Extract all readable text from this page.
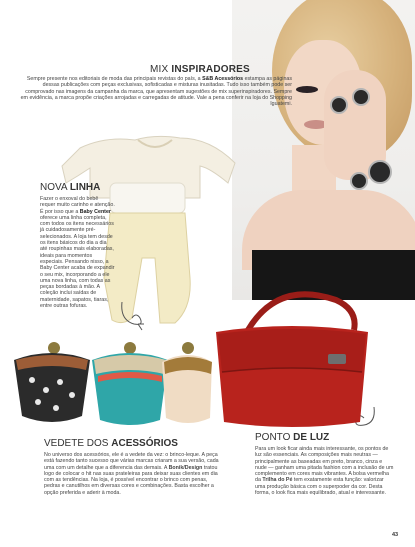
MIX INSPIRADORES
Sempre presente nos editoriais de moda das principais revistas do país, a S&B Acessórios estampa as páginas dessas publicações com peças exclusivas, sofisticadas e misturas inusitadas. Tudo isso também pode ser comprovado nas imagens da campanha da marca, que apresentam sugestões de mix superinspiradores. Sempre em evidência, a marca propõe criações arrojadas e carregadas de atitude. Vale a pena conferir na loja do Shopping Iguatemi.
NOVA LINHA
Fazer o enxoval do bebê requer muito carinho e atenção. É por isso que a Baby Center oferece uma linha completa, com todos os itens necessários já cuidadosamente pré-selecionados. A loja tem desde os itens básicos do dia a dia até roupinhas mais elaboradas, ideais para momentos especiais. Pensando nisso, a Baby Center acaba de expandir o seu mix, incorporando a ele uma nova linha, com todas as peças bordadas à mão. A coleção inclui saídas de maternidade, sapatos, tiaras, entre outras fofuras.
VEDETE DOS ACESSÓRIOS
No universo dos acessórios, ele é a vedete da vez: o brinco-leque. A peça está fazendo tanto sucesso que várias marcas criaram a sua versão, cada uma com um detalhe que a diferencia das demais. A Bonik/Design tratou logo de colocar o hit nas suas prateleiras para deixar suas clientes em dia com as tendências. Na loja, é possível encontrar o brinco com penas, pedras e canutilhos em diversas cores e combinações. Basta escolher a opção preferida e aderir à moda.
PONTO DE LUZ
Para um look ficar ainda mais interessante, os pontos de luz são essenciais. As composições mais neutras — principalmente as baseadas em preto, branco, cinza e nude — ganham uma pitada fashion com a inclusão de um complemento em cores mais vibrantes. A bolsa vermelha da Trilha do Pé tem exatamente esta função: valorizar uma produção básica com o superpoder da cor. Desta forma, o look fica mais equilibrado, atual e interessante.
43
